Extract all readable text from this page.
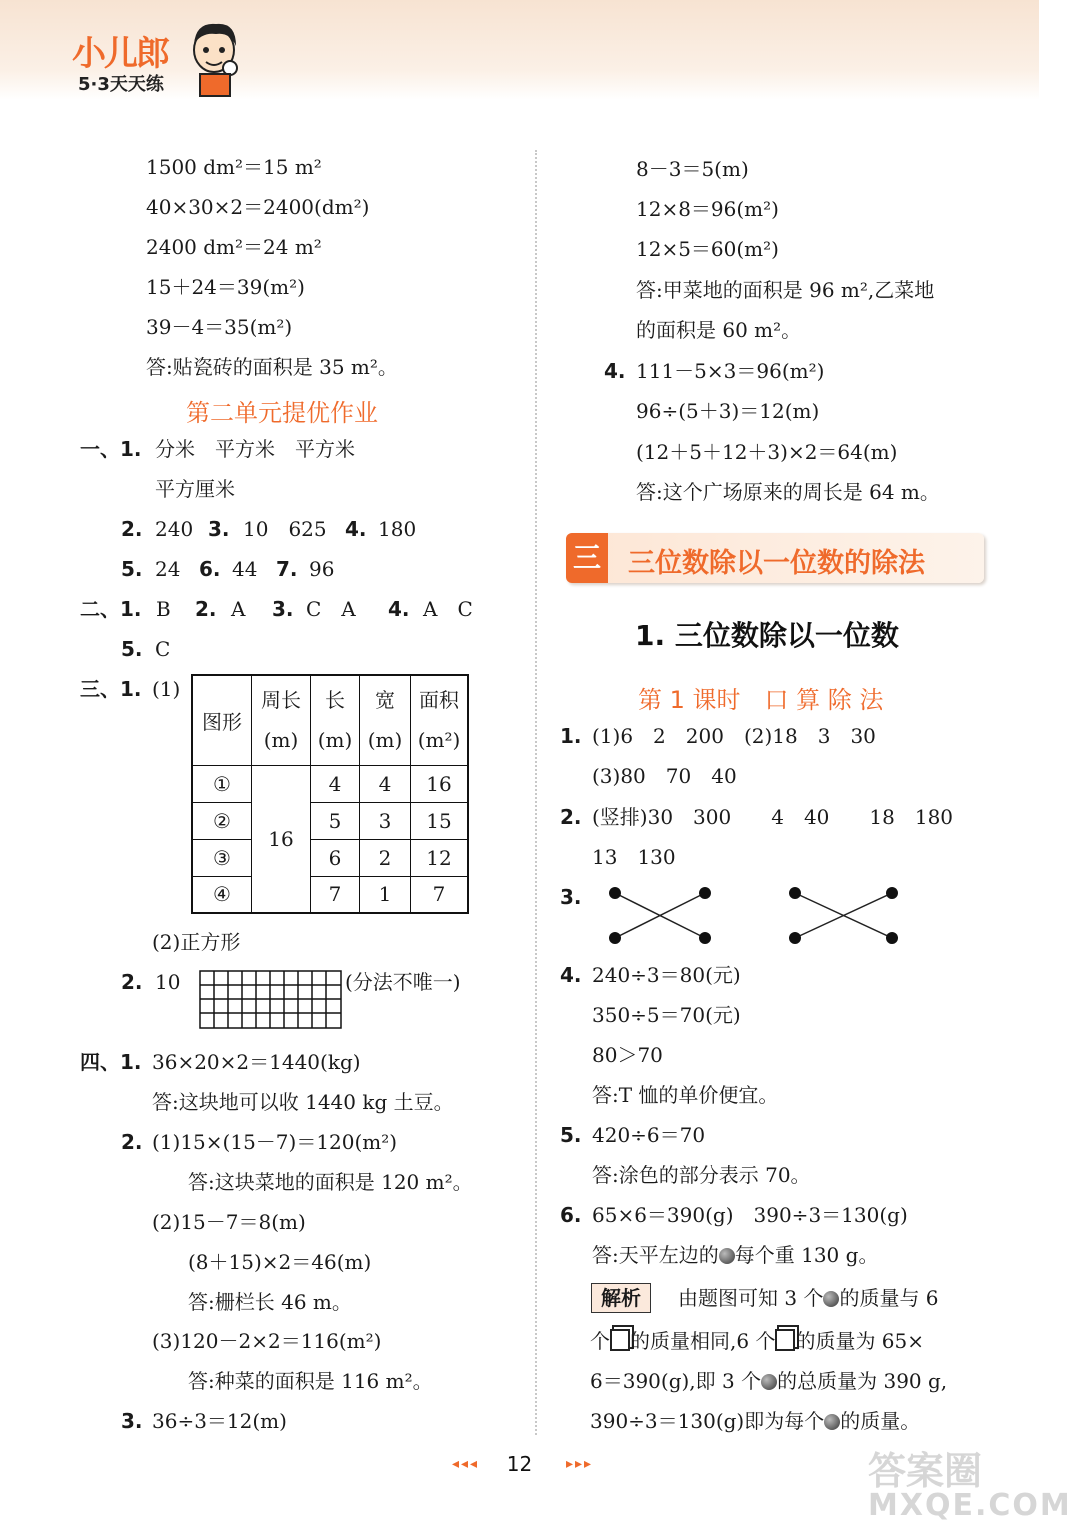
小儿郎
5·3天天练
1500 dm²＝15 m²
40×30×2＝2400(dm²)
2400 dm²＝24 m²
15＋24＝39(m²)
39－4＝35(m²)
答:贴瓷砖的面积是 35 m²。
第二单元提优作业
一、1. 分米　平方米　平方米
平方厘米
2. 240 3. 10　625 4. 180
5. 24 6. 44 7. 96
二、1. B 2. A 3. C　A 4. A　C
5. C
三、1. (1)
图形	周长(m)	长(m)	宽(m)	面积(m²)
①	16	4	4	16
②		5	3	15
③		6	2	12
④		7	1	7
(2)正方形
2. 10	(分法不唯一)
四、1. 36×20×2＝1440(kg)
答:这块地可以收 1440 kg 土豆。
2. (1)15×(15－7)＝120(m²)
答:这块菜地的面积是 120 m²。
(2)15－7＝8(m)
(8＋15)×2＝46(m)
答:栅栏长 46 m。
(3)120－2×2＝116(m²)
答:种菜的面积是 116 m²。
3. 36÷3＝12(m)
8－3＝5(m)
12×8＝96(m²)
12×5＝60(m²)
答:甲菜地的面积是 96 m²,乙菜地
的面积是 60 m²。
4. 111－5×3＝96(m²)
96÷(5＋3)＝12(m)
(12＋5＋12＋3)×2＝64(m)
答:这个广场原来的周长是 64 m。
三 三位数除以一位数的除法
1. 三位数除以一位数
第 1 课时　口 算 除 法
1. (1)6　2　200　(2)18　3　30
(3)80　70　40
2. (竖排)30　300　　4　40　　18　180
13　130
3.
4. 240÷3＝80(元)
350÷5＝70(元)
80＞70
答:T 恤的单价便宜。
5. 420÷6＝70
答:涂色的部分表示 70。
6. 65×6＝390(g)　390÷3＝130(g)
答:天平左边的 每个重 130 g。
解析	由题图可知 3 个 的质量与 6
个 的质量相同,6 个 的质量为 65×
6＝390(g),即 3 个 的总质量为 390 g,
390÷3＝130(g)即为每个 的质量。
◂◂◂	12	▸▸▸	答案圈
MXQE.COM
